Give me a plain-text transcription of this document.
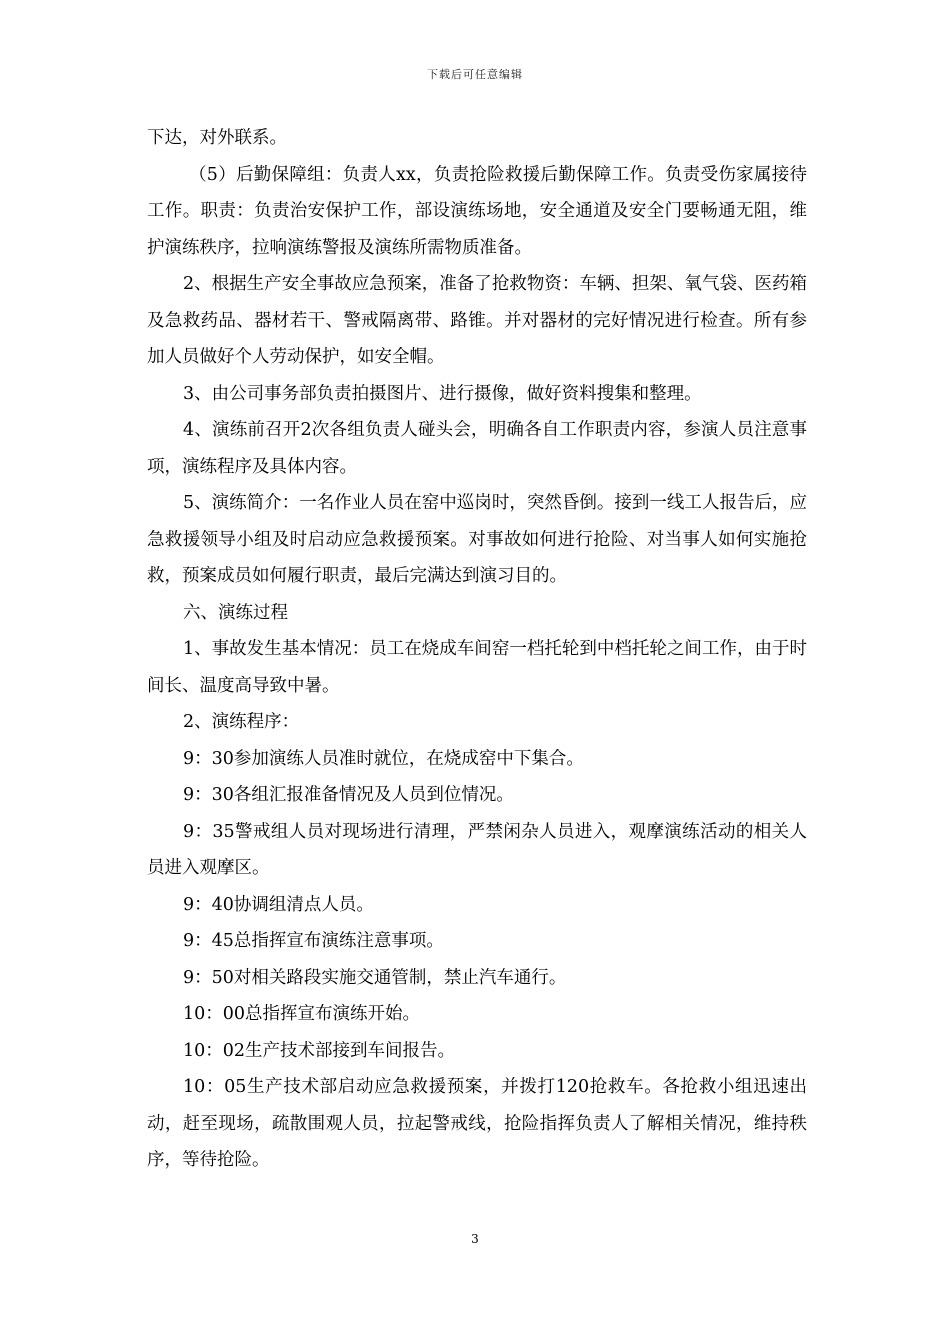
下载后可任意编辑

下达，对外联系。

（5）后勤保障组：负责人xx，负责抢险救援后勤保障工作。负责受伤家属接待工作。职责：负责治安保护工作，部设演练场地，安全通道及安全门要畅通无阻，维护演练秩序，拉响演练警报及演练所需物质准备。

2、根据生产安全事故应急预案，准备了抢救物资：车辆、担架、氧气袋、医药箱及急救药品、器材若干、警戒隔离带、路锥。并对器材的完好情况进行检查。所有参加人员做好个人劳动保护，如安全帽。

3、由公司事务部负责拍摄图片、进行摄像，做好资料搜集和整理。

4、演练前召开2次各组负责人碰头会，明确各自工作职责内容，参演人员注意事项，演练程序及具体内容。

5、演练简介：一名作业人员在窑中巡岗时，突然昏倒。接到一线工人报告后，应急救援领导小组及时启动应急救援预案。对事故如何进行抢险、对当事人如何实施抢救，预案成员如何履行职责，最后完满达到演习目的。

六、演练过程

1、事故发生基本情况：员工在烧成车间窑一档托轮到中档托轮之间工作，由于时间长、温度高导致中暑。

2、演练程序：

9：30参加演练人员准时就位，在烧成窑中下集合。

9：30各组汇报准备情况及人员到位情况。

9：35警戒组人员对现场进行清理，严禁闲杂人员进入，观摩演练活动的相关人员进入观摩区。

9：40协调组清点人员。

9：45总指挥宣布演练注意事项。

9：50对相关路段实施交通管制，禁止汽车通行。

10：00总指挥宣布演练开始。

10：02生产技术部接到车间报告。

10：05生产技术部启动应急救援预案，并拨打120抢救车。各抢救小组迅速出动，赶至现场，疏散围观人员，拉起警戒线，抢险指挥负责人了解相关情况，维持秩序，等待抢险。

3
